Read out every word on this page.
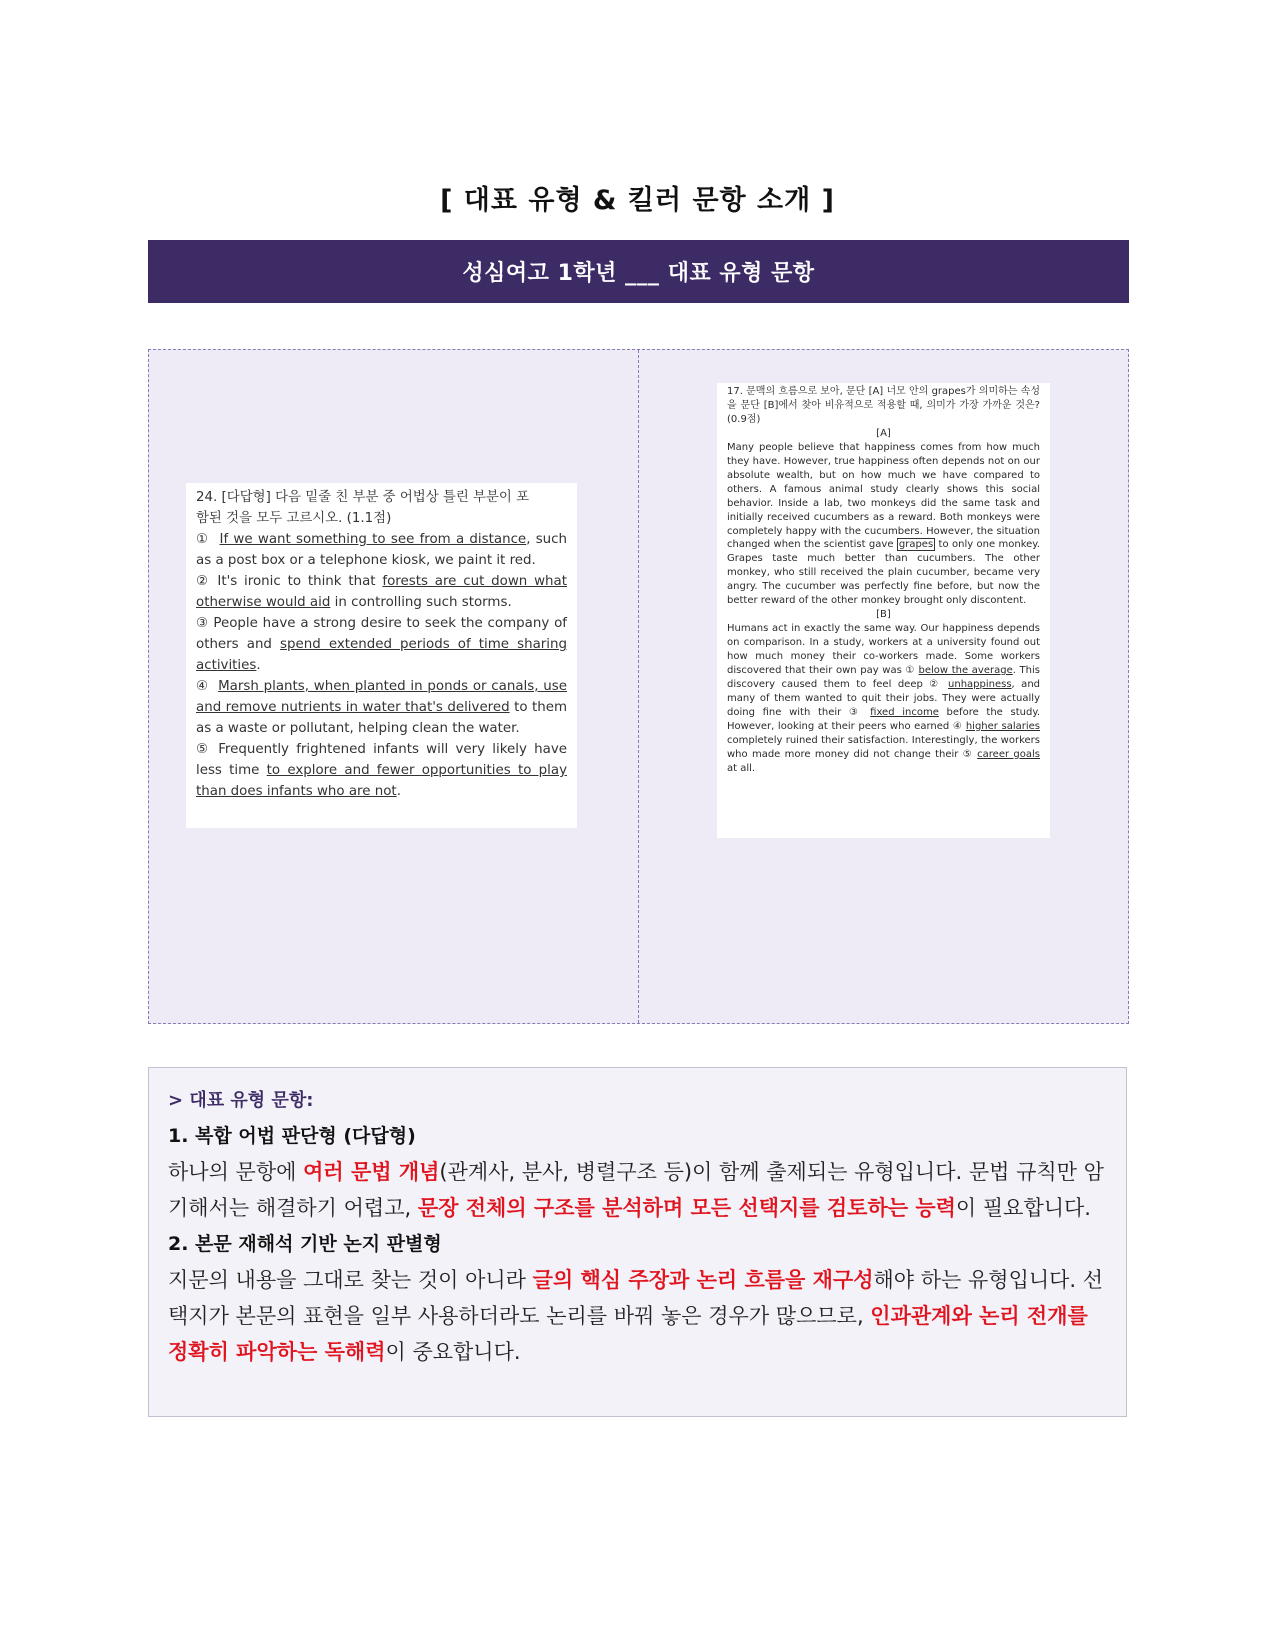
[ 대표 유형 & 킬러 문항 소개 ]
성심여고 1학년 ___ 대표 유형 문항

24. [다답형] 다음 밑줄 친 부분 중 어법상 틀린 부분이 포
함된 것을 모두 고르시오. (1.1점)

① If we want something to see from a distance, such as a post box or a telephone kiosk, we paint it red.

② It's ironic to think that forests are cut down what otherwise would aid in controlling such storms.

③ People have a strong desire to seek the company of others and spend extended periods of time sharing activities.

④ Marsh plants, when planted in ponds or canals, use and remove nutrients in water that's delivered to them as a waste or pollutant, helping clean the water.

⑤ Frequently frightened infants will very likely have less time to explore and fewer opportunities to play than does infants who are not.

17. 문맥의 흐름으로 보아, 문단 [A] 너모 안의 grapes가 의미하는 속성을 문단 [B]에서 찾아 비유적으로 적용할 때, 의미가 가장 가까운 것은? (0.9점)

[A]

Many people believe that happiness comes from how much they have. However, true happiness often depends not on our absolute wealth, but on how much we have compared to others. A famous animal study clearly shows this social behavior. Inside a lab, two monkeys did the same task and initially received cucumbers as a reward. Both monkeys were completely happy with the cucumbers. However, the situation changed when the scientist gave grapes to only one monkey. Grapes taste much better than cucumbers. The other monkey, who still received the plain cucumber, became very angry. The cucumber was perfectly fine before, but now the better reward of the other monkey brought only discontent.

[B]

Humans act in exactly the same way. Our happiness depends on comparison. In a study, workers at a university found out how much money their co-workers made. Some workers discovered that their own pay was ① below the average. This discovery caused them to feel deep ② unhappiness, and many of them wanted to quit their jobs. They were actually doing fine with their ③ fixed income before the study. However, looking at their peers who earned ④ higher salaries completely ruined their satisfaction. Interestingly, the workers who made more money did not change their ⑤ career goals at all.

> 대표 유형 문항:
1. 복합 어법 판단형 (다답형)

하나의 문항에 여러 문법 개념(관계사, 분사, 병렬구조 등)이 함께 출제되는 유형입니다. 문법 규칙만 암기해서는 해결하기 어렵고, 문장 전체의 구조를 분석하며 모든 선택지를 검토하는 능력이 필요합니다.

2. 본문 재해석 기반 논지 판별형

지문의 내용을 그대로 찾는 것이 아니라 글의 핵심 주장과 논리 흐름을 재구성해야 하는 유형입니다. 선택지가 본문의 표현을 일부 사용하더라도 논리를 바꿔 놓은 경우가 많으므로, 인과관계와 논리 전개를 정확히 파악하는 독해력이 중요합니다.
